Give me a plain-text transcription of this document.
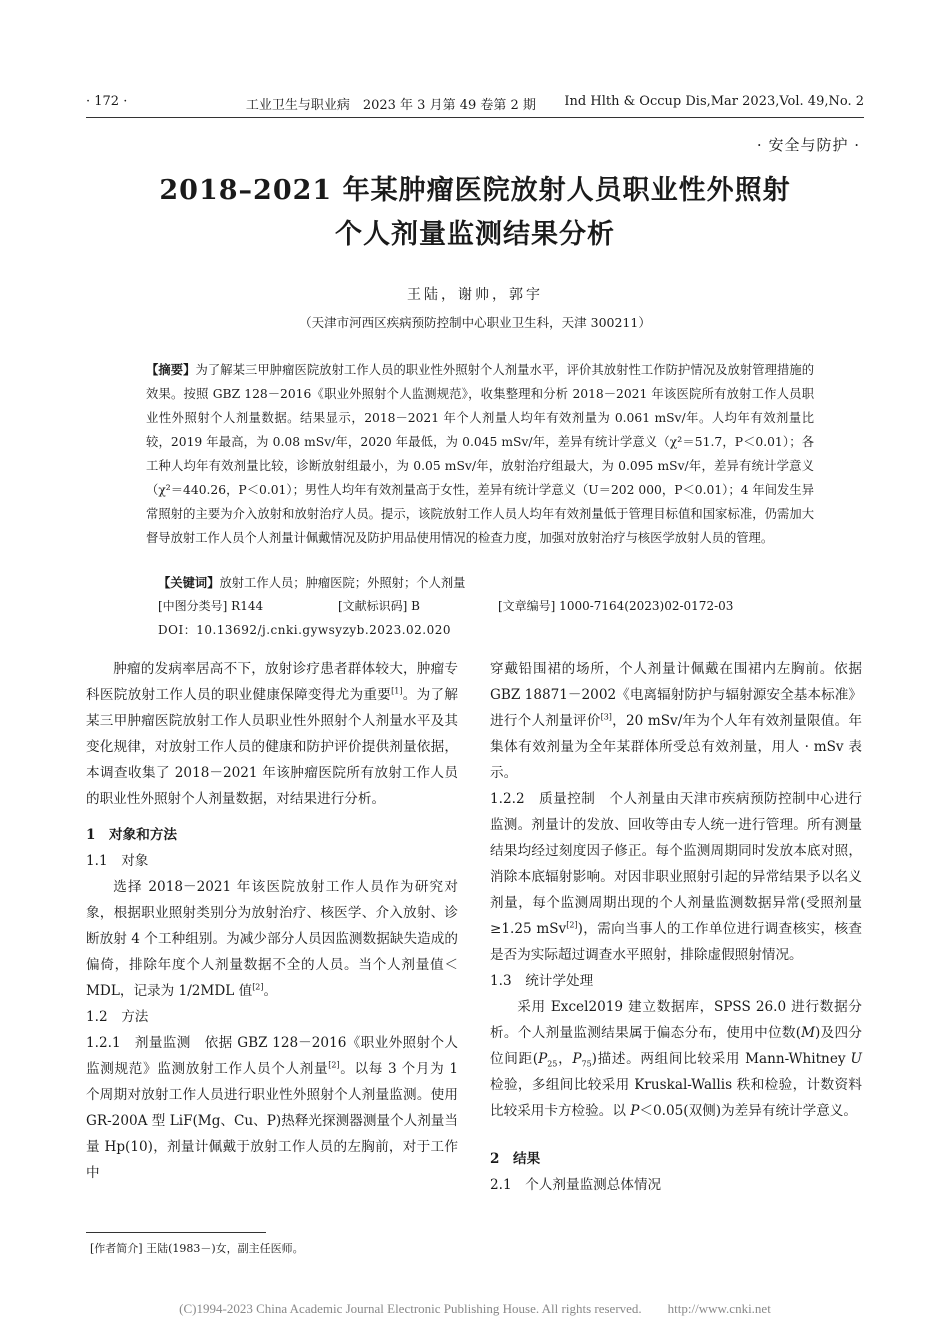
· 172 ·	工业卫生与职业病　2023 年 3 月第 49 卷第 2 期 Ind Hlth & Occup Dis,Mar 2023,Vol. 49,No. 2
· 安全与防护 ·
2018–2021 年某肿瘤医院放射人员职业性外照射
个人剂量监测结果分析
王陆，谢帅，郭宇
（天津市河西区疾病预防控制中心职业卫生科，天津 300211）
【摘要】为了解某三甲肿瘤医院放射工作人员的职业性外照射个人剂量水平，评价其放射性工作防护情况及放射管理措施的效果。按照 GBZ 128－2016《职业外照射个人监测规范》，收集整理和分析 2018－2021 年该医院所有放射工作人员职业性外照射个人剂量数据。结果显示，2018－2021 年个人剂量人均年有效剂量为 0.061 mSv/年。人均年有效剂量比较，2019 年最高，为 0.08 mSv/年，2020 年最低，为 0.045 mSv/年，差异有统计学意义（χ²＝51.7，P＜0.01）；各工种人均年有效剂量比较，诊断放射组最小，为 0.05 mSv/年，放射治疗组最大，为 0.095 mSv/年，差异有统计学意义（χ²＝440.26，P＜0.01）；男性人均年有效剂量高于女性，差异有统计学意义（U＝202 000，P＜0.01）；4 年间发生异常照射的主要为介入放射和放射治疗人员。提示，该院放射工作人员人均年有效剂量低于管理目标值和国家标准，仍需加大督导放射工作人员个人剂量计佩戴情况及防护用品使用情况的检查力度，加强对放射治疗与核医学放射人员的管理。
【关键词】放射工作人员；肿瘤医院；外照射；个人剂量
[中图分类号] R144	[文献标识码] B	[文章编号] 1000-7164(2023)02-0172-03
DOI：10.13692/j.cnki.gywsyzyb.2023.02.020

肿瘤的发病率居高不下，放射诊疗患者群体较大，肿瘤专科医院放射工作人员的职业健康保障变得尤为重要[1]。为了解某三甲肿瘤医院放射工作人员职业性外照射个人剂量水平及其变化规律，对放射工作人员的健康和防护评价提供剂量依据，本调查收集了 2018－2021 年该肿瘤医院所有放射工作人员的职业性外照射个人剂量数据，对结果进行分析。

1　对象和方法

1.1　对象

选择 2018－2021 年该医院放射工作人员作为研究对象，根据职业照射类别分为放射治疗、核医学、介入放射、诊断放射 4 个工种组别。为减少部分人员因监测数据缺失造成的偏倚，排除年度个人剂量数据不全的人员。当个人剂量值＜MDL，记录为 1/2MDL 值[2]。

1.2　方法

1.2.1　剂量监测　依据 GBZ 128－2016《职业外照射个人监测规范》监测放射工作人员个人剂量[2]。以每 3 个月为 1 个周期对放射工作人员进行职业性外照射个人剂量监测。使用 GR-200A 型 LiF(Mg、Cu、P)热释光探测器测量个人剂量当量 Hp(10)，剂量计佩戴于放射工作人员的左胸前，对于工作中

穿戴铅围裙的场所，个人剂量计佩戴在围裙内左胸前。依据 GBZ 18871－2002《电离辐射防护与辐射源安全基本标准》进行个人剂量评价[3]，20 mSv/年为个人年有效剂量限值。年集体有效剂量为全年某群体所受总有效剂量，用人 · mSv 表示。

1.2.2　质量控制　个人剂量由天津市疾病预防控制中心进行监测。剂量计的发放、回收等由专人统一进行管理。所有测量结果均经过刻度因子修正。每个监测周期同时发放本底对照，消除本底辐射影响。对因非职业照射引起的异常结果予以名义剂量，每个监测周期出现的个人剂量监测数据异常(受照剂量≥1.25 mSv[2])，需向当事人的工作单位进行调查核实，核查是否为实际超过调查水平照射，排除虚假照射情况。

1.3　统计学处理

采用 Excel2019 建立数据库，SPSS 26.0 进行数据分析。个人剂量监测结果属于偏态分布，使用中位数(M)及四分位间距($P_{25}$，$P_{75}$)描述。两组间比较采用 Mann-Whitney U 检验，多组间比较采用 Kruskal-Wallis 秩和检验，计数资料比较采用卡方检验。以 P＜0.05(双侧)为差异有统计学意义。

2　结果

2.1　个人剂量监测总体情况

[作者简介] 王陆(1983－)女，副主任医师。
(C)1994-2023 China Academic Journal Electronic Publishing House. All rights reserved.　　http://www.cnki.net
